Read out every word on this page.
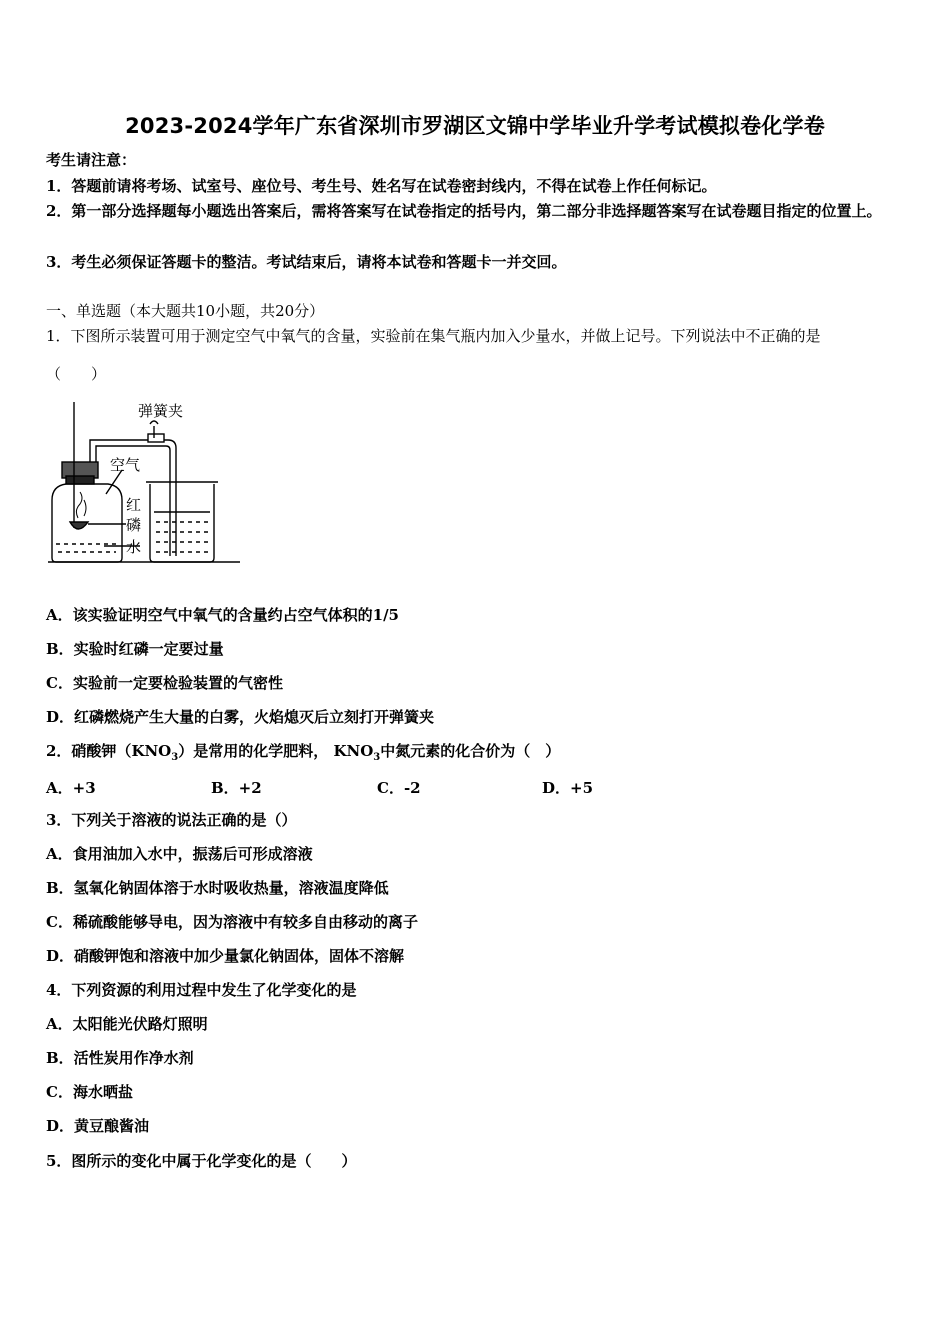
2023-2024学年广东省深圳市罗湖区文锦中学毕业升学考试模拟卷化学卷
考生请注意：
1．答题前请将考场、试室号、座位号、考生号、姓名写在试卷密封线内，不得在试卷上作任何标记。
2．第一部分选择题每小题选出答案后，需将答案写在试卷指定的括号内，第二部分非选择题答案写在试卷题目指定的位置上。
3．考生必须保证答题卡的整洁。考试结束后，请将本试卷和答题卡一并交回。
一、单选题（本大题共10小题，共20分）
1．下图所示装置可用于测定空气中氧气的含量，实验前在集气瓶内加入少量水，并做上记号。下列说法中不正确的是
（　　）
弹簧夹
空气
红
磷
水
A．该实验证明空气中氧气的含量约占空气体积的1/5
B．实验时红磷一定要过量
C．实验前一定要检验装置的气密性
D．红磷燃烧产生大量的白雾，火焰熄灭后立刻打开弹簧夹
2．硝酸钾$(KNO_3)$是常用的化学肥料， $KNO_3$中氮元素的化合价为（　）
A．+3	B．+2	C．-2	D．+5
3．下列关于溶液的说法正确的是（）
A．食用油加入水中，振荡后可形成溶液
B．氢氧化钠固体溶于水时吸收热量，溶液温度降低
C．稀硫酸能够导电，因为溶液中有较多自由移动的离子
D．硝酸钾饱和溶液中加少量氯化钠固体，固体不溶解
4．下列资源的利用过程中发生了化学变化的是
A．太阳能光伏路灯照明
B．活性炭用作净水剂
C．海水晒盐
D．黄豆酿酱油
5．图所示的变化中属于化学变化的是（　　）
